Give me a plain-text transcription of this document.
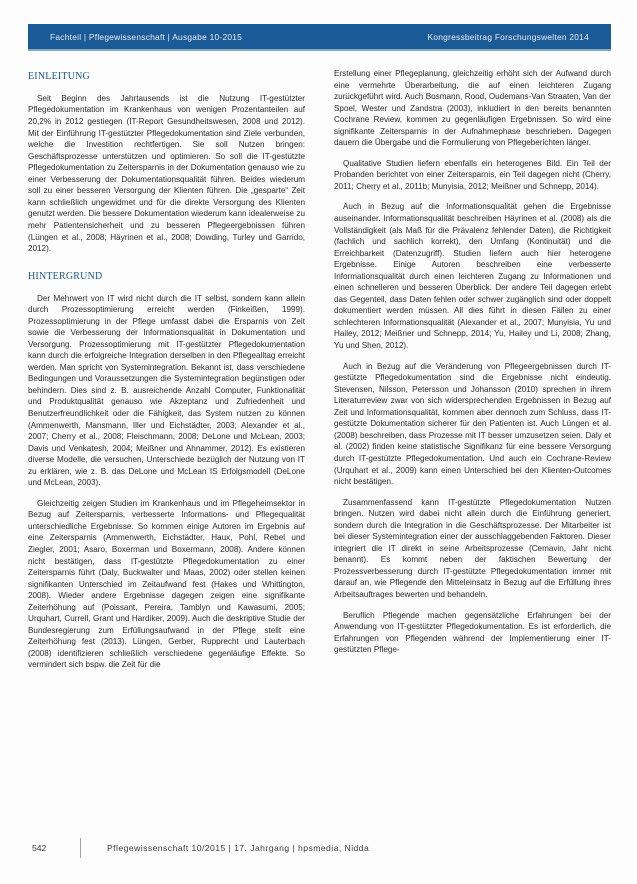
Fachteil | Pflegewissenschaft | Ausgabe 10-2015	Kongressbeitrag Forschungswelten 2014
einleitung

Seit Beginn des Jahrtausends ist die Nutzung IT-gestützter Pflegedokumentation im Krankenhaus von wenigen Prozentanteilen auf 20,2% in 2012 gestiegen (IT-Report Gesundheitswesen, 2008 und 2012). Mit der Einführung IT-gestützter Pflegedokumentation sind Ziele verbunden, welche die Investition rechtfertigen. Sie soll Nutzen bringen: Geschäftsprozesse unterstützen und optimieren. So soll die IT-gestützte Pflegedokumentation zu Zeitersparnis in der Dokumentation genauso wie zu einer Verbesserung der Dokumentationsqualität führen. Beides wiederum soll zu einer besseren Versorgung der Klienten führen. Die „gesparte“ Zeit kann schließlich ungewidmet und für die direkte Versorgung des Klienten genutzt werden. Die bessere Dokumentation wiederum kann idealerweise zu mehr Patientensicherheit und zu besseren Pflegeergebnissen führen (Lüngen et al., 2008; Häyrinen et al., 2008; Dowding, Turley und Garrido, 2012).

hintergrund

Der Mehrwert von IT wird nicht durch die IT selbst, sondern kann allein durch Prozessoptimierung erreicht werden (Finkeißen, 1999). Prozessoptimierung in der Pflege umfasst dabei die Ersparnis von Zeit sowie die Verbesserung der Informationsqualität in Dokumentation und Versorgung. Prozessoptimierung mit IT-gestützter Pflegedokumentation kann durch die erfolgreiche Integration derselben in den Pflegealltag erreicht werden. Man spricht von Systemintegration. Bekannt ist, dass verschiedene Bedingungen und Voraussetzungen die Systemintegration begünstigen oder behindern. Dies sind z. B. ausreichende Anzahl Computer, Funktionalität und Produktqualität genauso wie Akzeptanz und Zufriedenheit und Benutzerfreundlichkeit oder die Fähigkeit, das System nutzen zu können (Ammenwerth, Mansmann, Iller und Eichstädter, 2003; Alexander et al., 2007; Cherry et al., 2008; Fleischmann, 2008; DeLone und McLean, 2003; Davis und Venkatesh, 2004; Meißner und Ahnammer, 2012). Es existieren diverse Modelle, die versuchen, Unterschiede bezüglich der Nutzung von IT zu erklären, wie z. B. das DeLone und McLean IS Erfolgsmodell (DeLone und McLean, 2003).

Gleichzeitig zeigen Studien im Krankenhaus und im Pflegeheimsektor in Bezug auf Zeitersparnis, verbesserte Informations- und Pflegequalität unterschiedliche Ergebnisse. So kommen einige Autoren im Ergebnis auf eine Zeitersparnis (Ammenwerth, Eichstädter, Haux, Pohl, Rebel und Ziegler, 2001; Asaro, Boxerman und Boxermann, 2008). Andere können nicht bestätigen, dass IT-gestützte Pflegedokumentation zu einer Zeitersparnis führt (Daly, Buckwalter und Maas, 2002) oder stellen keinen signifikanten Unterschied im Zeitaufwand fest (Hakes und Whittington, 2008). Wieder andere Ergebnisse dagegen zeigen eine signifikante Zeiterhöhung auf (Poissant, Pereira, Tamblyn und Kawasumi, 2005; Urquhart, Currell, Grant und Hardiker, 2009). Auch die deskriptive Studie der Bundesregierung zum Erfüllungsaufwand in der Pflege stellt eine Zeiterhöhung fest (2013). Lüngen, Gerber, Rupprecht und Lauterbach (2008) identifizieren schließlich verschiedene gegenläufige Effekte. So vermindert sich bspw. die Zeit für die

Erstellung einer Pflegeplanung, gleichzeitig erhöht sich der Aufwand durch eine vermehrte Überarbeitung, die auf einen leichteren Zugang zurückgeführt wird. Auch Bosmann, Rood, Oudemans-Van Straaten, Van der Spoel, Wester und Zandstra (2003), inkludiert in den bereits benannten Cochrane Review, kommen zu gegenläufigen Ergebnissen. So wird eine signifikante Zeitersparnis in der Aufnahmephase beschrieben. Dagegen dauern die Übergabe und die Formulierung von Pflegeberichten länger.

Qualitative Studien liefern ebenfalls ein heterogenes Bild. Ein Teil der Probanden berichtet von einer Zeitersparnis, ein Teil dagegen nicht (Cherry, 2011; Cherry et al., 2011b; Munyisia, 2012; Meißner und Schnepp, 2014).

Auch in Bezug auf die Informationsqualität gehen die Ergebnisse auseinander. Informationsqualität beschreiben Häyrinen et al. (2008) als die Vollständigkeit (als Maß für die Prävalenz fehlender Daten), die Richtigkeit (fachlich und sachlich korrekt), den Umfang (Kontinuität) und die Erreichbarkeit (Datenzugriff). Studien liefern auch hier heterogene Ergebnisse. Einige Autoren beschreiben eine verbesserte Informationsqualität durch einen leichteren Zugang zu Informationen und einen schnelleren und besseren Überblick. Der andere Teil dagegen erlebt das Gegenteil, dass Daten fehlen oder schwer zugänglich sind oder doppelt dokumentiert werden müssen. All dies führt in diesen Fällen zu einer schlechteren Informationsqualität (Alexander et al., 2007; Munyisia, Yu und Hailey, 2012; Meißner und Schnepp, 2014; Yu, Hailey und Li, 2008; Zhang, Yu und Shen, 2012).

Auch in Bezug auf die Veränderung von Pflegeergebnissen durch IT-gestützte Pflegedokumentation sind die Ergebnisse nicht eindeutig. Stevensen, Nilsson, Petersson und Johansson (2010) sprechen in ihrem Literaturreview zwar von sich widersprechenden Ergebnissen in Bezug auf Zeit und Informationsqualität, kommen aber dennoch zum Schluss, dass IT-gestützte Dokumentation sicherer für den Patienten ist. Auch Lüngen et al. (2008) beschreiben, dass Prozesse mit IT besser umzusetzen seien. Daly et al. (2002) finden keine statistische Signifikanz für eine bessere Versorgung durch IT-gestützte Pflegedokumentation. Und auch ein Cochrane-Review (Urquhart et al., 2009) kann einen Unterschied bei den Klienten-Outcomes nicht bestätigen.

Zusammenfassend kann IT-gestützte Pflegedokumentation Nutzen bringen. Nutzen wird dabei nicht allein durch die Einführung generiert, sondern durch die Integration in die Geschäftsprozesse. Der Mitarbeiter ist bei dieser Systemintegration einer der ausschlaggebenden Faktoren. Dieser integriert die IT direkt in seine Arbeitsprozesse (Cemavin, Jahr nicht benannt). Es kommt neben der faktischen Bewertung der Prozessverbesserung durch IT-gestützte Pflegedokumentation immer mit darauf an, wie Pflegende den Mitteleinsatz in Bezug auf die Erfüllung ihres Arbeitsauftrages bewerten und behandeln.

Beruflich Pflegende machen gegensätzliche Erfahrungen bei der Anwendung von IT-gestützter Pflegedokumentation. Es ist erforderlich, die Erfahrungen von Pflegenden während der Implementierung einer IT-gestützten Pflege-

542	Pflegewissenschaft 10/2015 | 17. Jahrgang | hpsmedia, Nidda
